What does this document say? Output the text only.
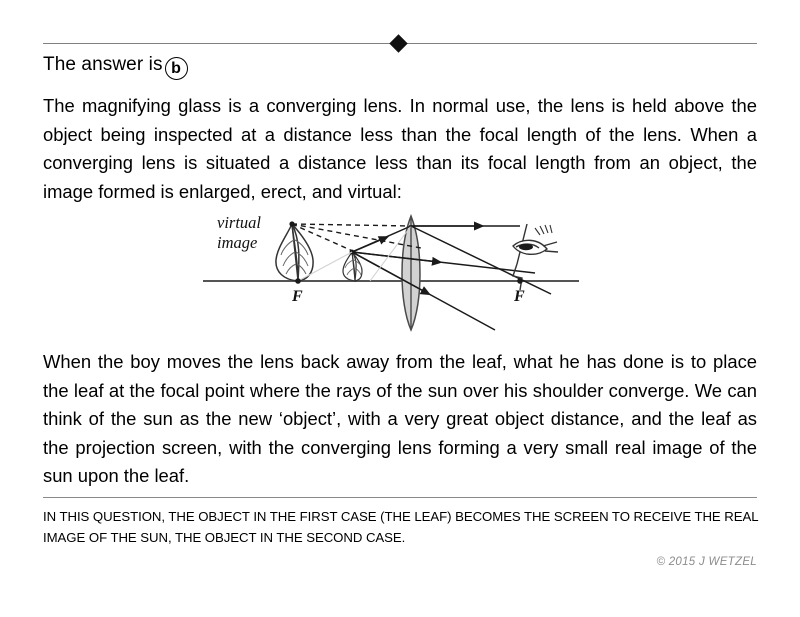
The answer is b
The magnifying glass is a converging lens. In normal use, the lens is held above the object being inspected at a distance less than the focal length of the lens. When a converging lens is situated a distance less than its focal length from an object, the image formed is enlarged, erect, and virtual:
F	F
virtual
image
When the boy moves the lens back away from the leaf, what he has done is to place the leaf at the focal point where the rays of the sun over his shoulder converge. We can think of the sun as the new ‘object’, with a very great object distance, and the leaf as the projection screen, with the converging lens forming a very small real image of the sun upon the leaf.
IN THIS QUESTION, THE OBJECT IN THE FIRST CASE (THE LEAF) BECOMES THE SCREEN TO RECEIVE THE REAL IMAGE OF THE SUN, THE OBJECT IN THE SECOND CASE.
© 2015 J WETZEL
